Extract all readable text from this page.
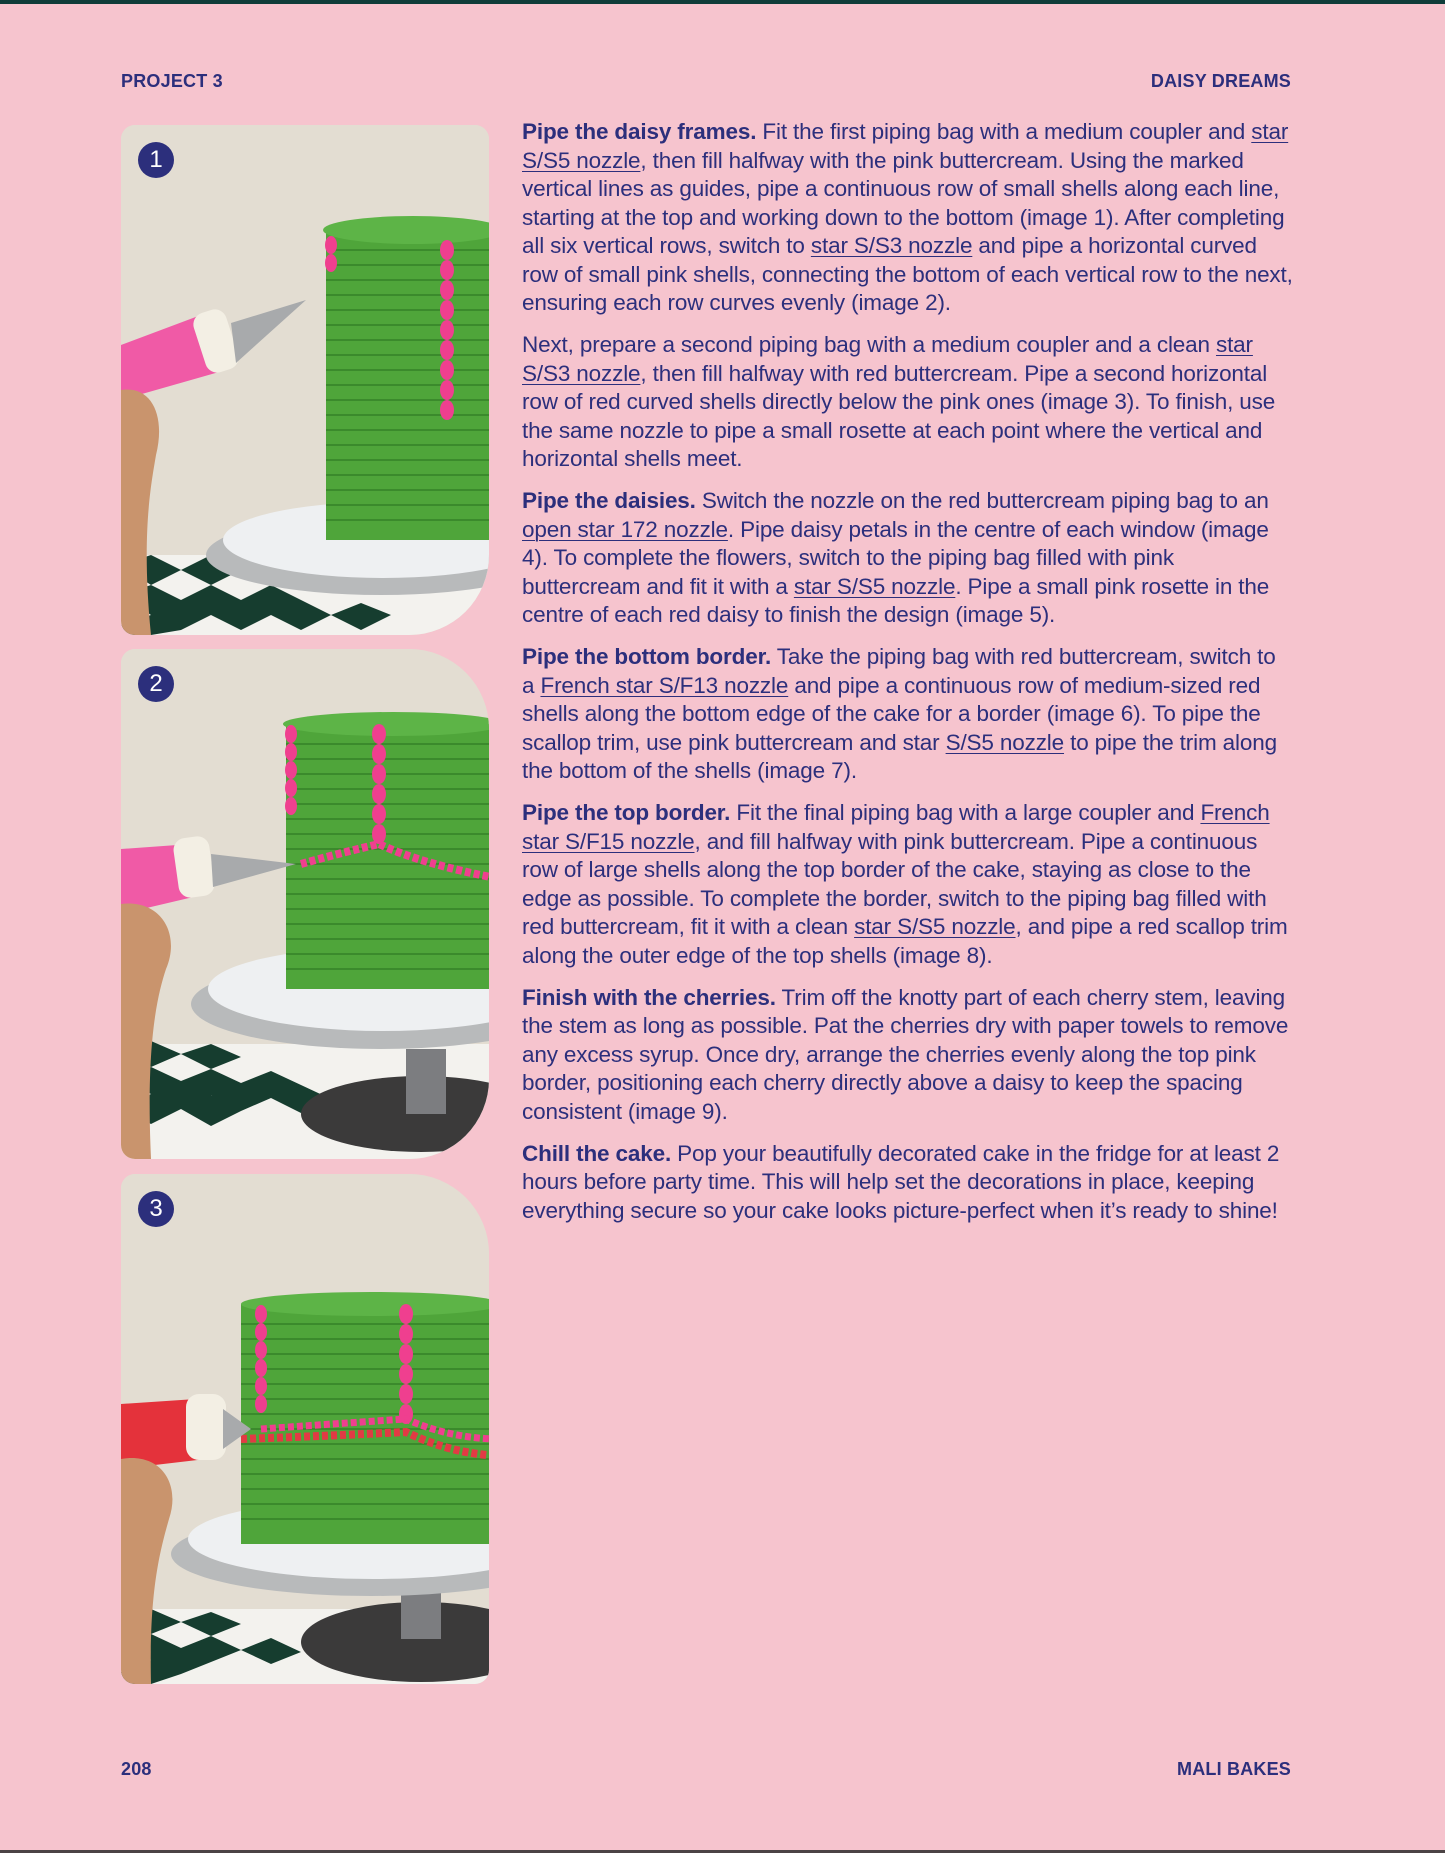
PROJECT 3	DAISY DREAMS
1
2
3

Pipe the daisy frames. Fit the first piping bag with a medium coupler and star S/S5 nozzle, then fill halfway with the pink buttercream. Using the marked vertical lines as guides, pipe a continuous row of small shells along each line, starting at the top and working down to the bottom (image 1). After completing all six vertical rows, switch to star S/S3 nozzle and pipe a horizontal curved row of small pink shells, connecting the bottom of each vertical row to the next, ensuring each row curves evenly (image 2).

Next, prepare a second piping bag with a medium coupler and a clean star S/S3 nozzle, then fill halfway with red buttercream. Pipe a second horizontal row of red curved shells directly below the pink ones (image 3). To finish, use the same nozzle to pipe a small rosette at each point where the vertical and horizontal shells meet.

Pipe the daisies. Switch the nozzle on the red buttercream piping bag to an open star 172 nozzle. Pipe daisy petals in the centre of each window (image 4). To complete the flowers, switch to the piping bag filled with pink buttercream and fit it with a star S/S5 nozzle. Pipe a small pink rosette in the centre of each red daisy to finish the design (image 5).

Pipe the bottom border. Take the piping bag with red buttercream, switch to a French star S/F13 nozzle and pipe a continuous row of medium-sized red shells along the bottom edge of the cake for a border (image 6). To pipe the scallop trim, use pink buttercream and star S/S5 nozzle to pipe the trim along the bottom of the shells (image 7).

Pipe the top border. Fit the final piping bag with a large coupler and French star S/F15 nozzle, and fill halfway with pink buttercream. Pipe a continuous row of large shells along the top border of the cake, staying as close to the edge as possible. To complete the border, switch to the piping bag filled with red buttercream, fit it with a clean star S/S5 nozzle, and pipe a red scallop trim along the outer edge of the top shells (image 8).

Finish with the cherries. Trim off the knotty part of each cherry stem, leaving the stem as long as possible. Pat the cherries dry with paper towels to remove any excess syrup. Once dry, arrange the cherries evenly along the top pink border, positioning each cherry directly above a daisy to keep the spacing consistent (image 9).

Chill the cake. Pop your beautifully decorated cake in the fridge for at least 2 hours before party time. This will help set the decorations in place, keeping everything secure so your cake looks picture-perfect when it’s ready to shine!

208	MALI BAKES
